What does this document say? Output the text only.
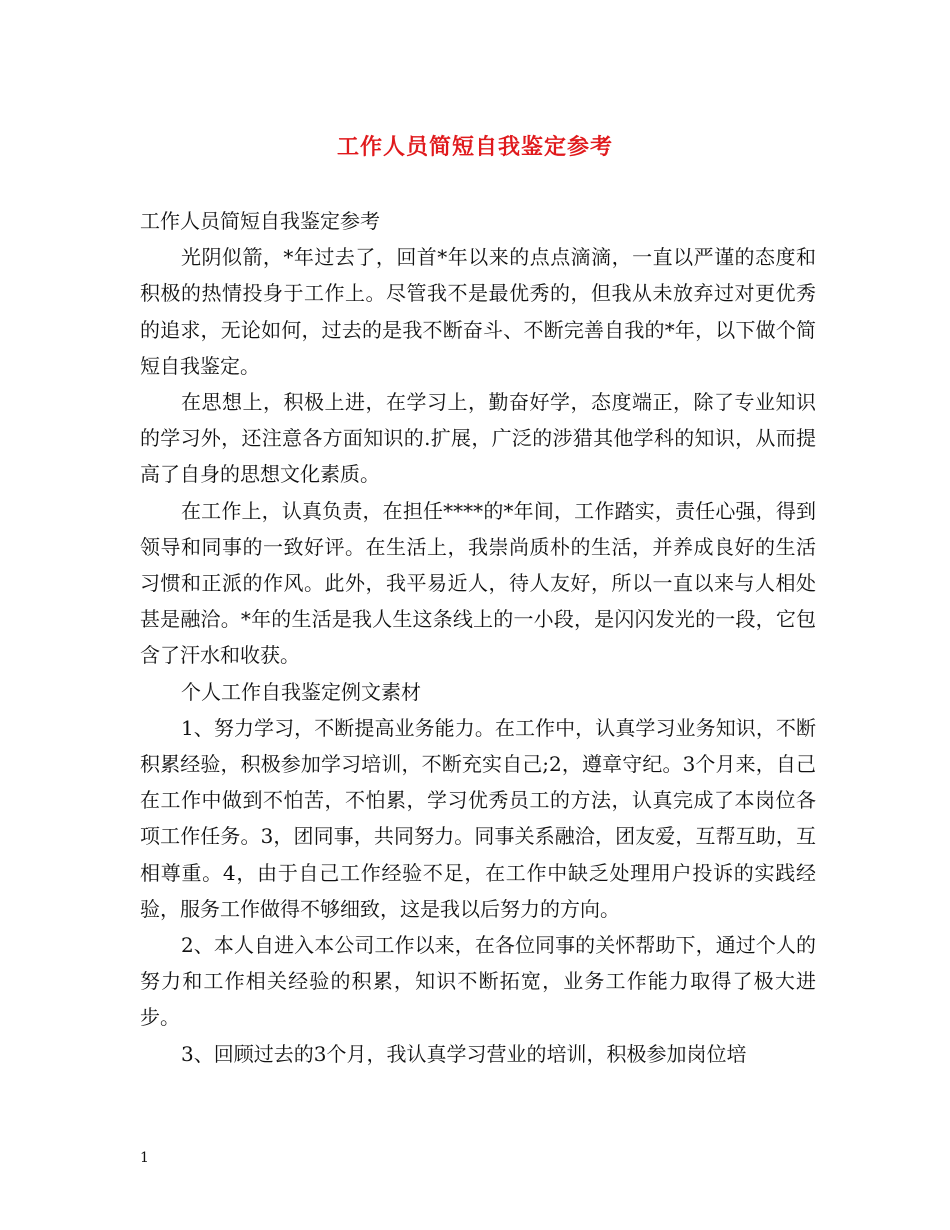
工作人员简短自我鉴定参考

工作人员简短自我鉴定参考

光阴似箭，*年过去了，回首*年以来的点点滴滴，一直以严谨的态度和积极的热情投身于工作上。尽管我不是最优秀的，但我从未放弃过对更优秀的追求，无论如何，过去的是我不断奋斗、不断完善自我的*年，以下做个简短自我鉴定。

在思想上，积极上进，在学习上，勤奋好学，态度端正，除了专业知识的学习外，还注意各方面知识的.扩展，广泛的涉猎其他学科的知识，从而提高了自身的思想文化素质。

在工作上，认真负责，在担任****的*年间，工作踏实，责任心强，得到领导和同事的一致好评。在生活上，我崇尚质朴的生活，并养成良好的生活习惯和正派的作风。此外，我平易近人，待人友好，所以一直以来与人相处甚是融洽。*年的生活是我人生这条线上的一小段，是闪闪发光的一段，它包含了汗水和收获。

个人工作自我鉴定例文素材

1、努力学习，不断提高业务能力。在工作中，认真学习业务知识，不断积累经验，积极参加学习培训，不断充实自己;2，遵章守纪。3个月来，自己在工作中做到不怕苦，不怕累，学习优秀员工的方法，认真完成了本岗位各项工作任务。3，团同事，共同努力。同事关系融洽，团友爱，互帮互助，互相尊重。4，由于自己工作经验不足，在工作中缺乏处理用户投诉的实践经验，服务工作做得不够细致，这是我以后努力的方向。

2、本人自进入本公司工作以来，在各位同事的关怀帮助下，通过个人的努力和工作相关经验的积累，知识不断拓宽，业务工作能力取得了极大进步。

3、回顾过去的3个月，我认真学习营业的培训，积极参加岗位培

1
